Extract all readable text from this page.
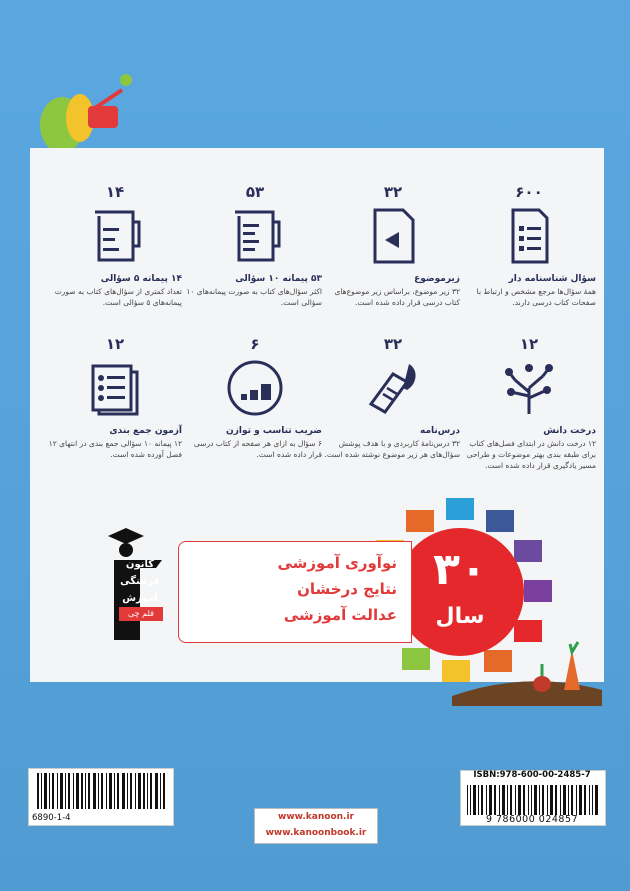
۶۰۰
سؤال شناسنامه دار
همهٔ سؤال‌ها مرجع مشخص و ارتباط با صفحات کتاب درسی دارند.
۳۲
زیرموضوع
۳۲ زیر موضوع، براساس زیر موضوع‌های کتاب درسی قرار داده شده است.
۵۳
۵۳ پیمانه ۱۰ سؤالی
اکثر سؤال‌های کتاب به صورت پیمانه‌های ۱۰ سؤالی است.
۱۴
۱۴ پیمانه ۵ سؤالی
تعداد کمتری از سؤال‌های کتاب به صورت پیمانه‌های ۵ سؤالی است.
۱۲
درخت دانش
۱۲ درخت دانش در ابتدای فصل‌های کتاب برای طبقه بندی بهتر موضوعات و طراحی مسیر یادگیری قرار داده شده است.
۳۲
درس‌نامه
۳۲ درس‌نامهٔ کاربردی و با هدف پوشش سؤال‌های هر زیر موضوع نوشته شده است.
۶
ضریب تناسب و توازن
۶ سؤال به ازای هر صفحه از کتاب درسی قرار داده شده است.
۱۲
آزمون جمع بندی
۱۲ پیمانه ۱۰ سؤالی جمع بندی در انتهای ۱۲ فصل آورده شده است.
۳۰
سال
نوآوری آموزشی
نتایج درخشان
عدالت آموزشی
کانون
فرهنگی
آموزش
قلم چی
6890-1-4	www.kanoon.ir
www.kanoonbook.ir
ISBN:978-600-00-2485-7
9 786000 024857
